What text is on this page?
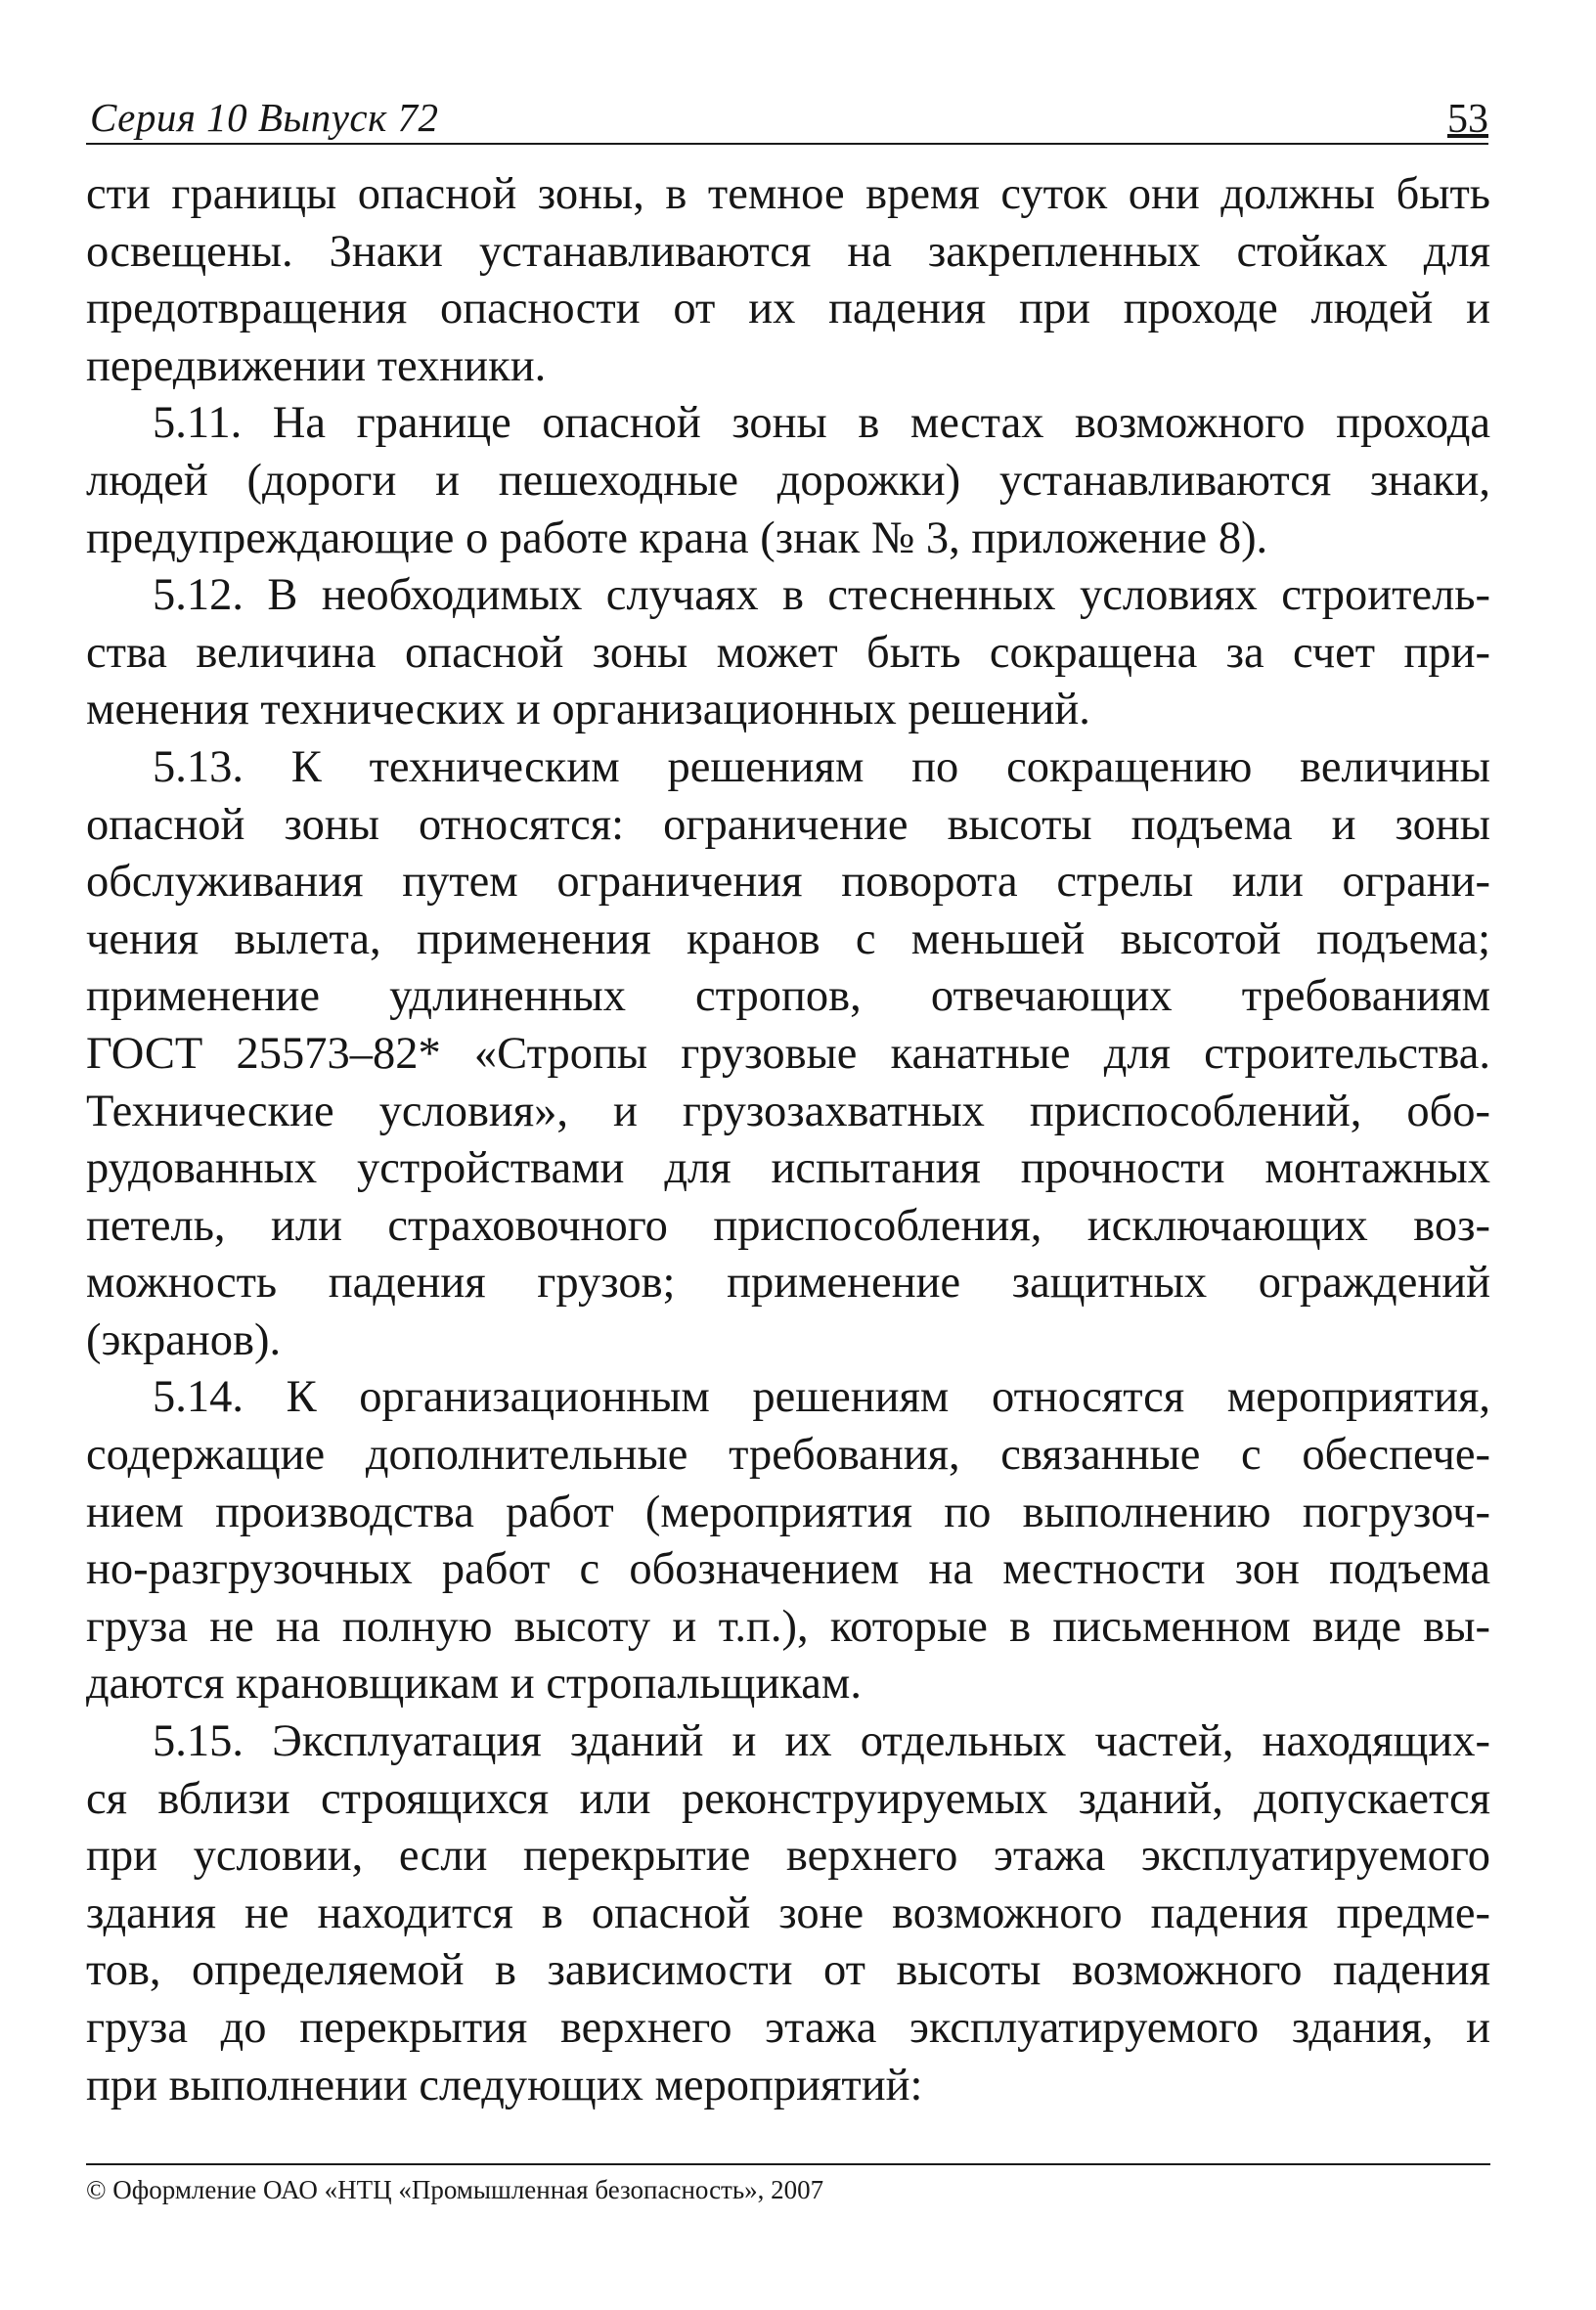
Серия 10 Выпуск 72	53

сти границы опасной зоны, в темное время суток они должны быть

освещены. Знаки устанавливаются на закрепленных стойках для

предотвращения опасности от их падения при проходе людей и

передвижении техники.

5.11. На границе опасной зоны в местах возможного прохода

людей (дороги и пешеходные дорожки) устанавливаются знаки,

предупреждающие о работе крана (знак № 3, приложение 8).

5.12. В необходимых случаях в стесненных условиях строитель-

ства величина опасной зоны может быть сокращена за счет при-

менения технических и организационных решений.

5.13. К техническим решениям по сокращению величины

опасной зоны относятся: ограничение высоты подъема и зоны

обслуживания путем ограничения поворота стрелы или ограни-

чения вылета, применения кранов с меньшей высотой подъема;

применение удлиненных стропов, отвечающих требованиям

ГОСТ 25573–82* «Стропы грузовые канатные для строительства.

Технические условия», и грузозахватных приспособлений, обо-

рудованных устройствами для испытания прочности монтажных

петель, или страховочного приспособления, исключающих воз-

можность падения грузов; применение защитных ограждений

(экранов).

5.14. К организационным решениям относятся мероприятия,

содержащие дополнительные требования, связанные с обеспече-

нием производства работ (мероприятия по выполнению погрузоч-

но-разгрузочных работ с обозначением на местности зон подъема

груза не на полную высоту и т.п.), которые в письменном виде вы-

даются крановщикам и стропальщикам.

5.15. Эксплуатация зданий и их отдельных частей, находящих-

ся вблизи строящихся или реконструируемых зданий, допускается

при условии, если перекрытие верхнего этажа эксплуатируемого

здания не находится в опасной зоне возможного падения предме-

тов, определяемой в зависимости от высоты возможного падения

груза до перекрытия верхнего этажа эксплуатируемого здания, и

при выполнении следующих мероприятий:

© Оформление ОАО «НТЦ «Промышленная безопасность», 2007
